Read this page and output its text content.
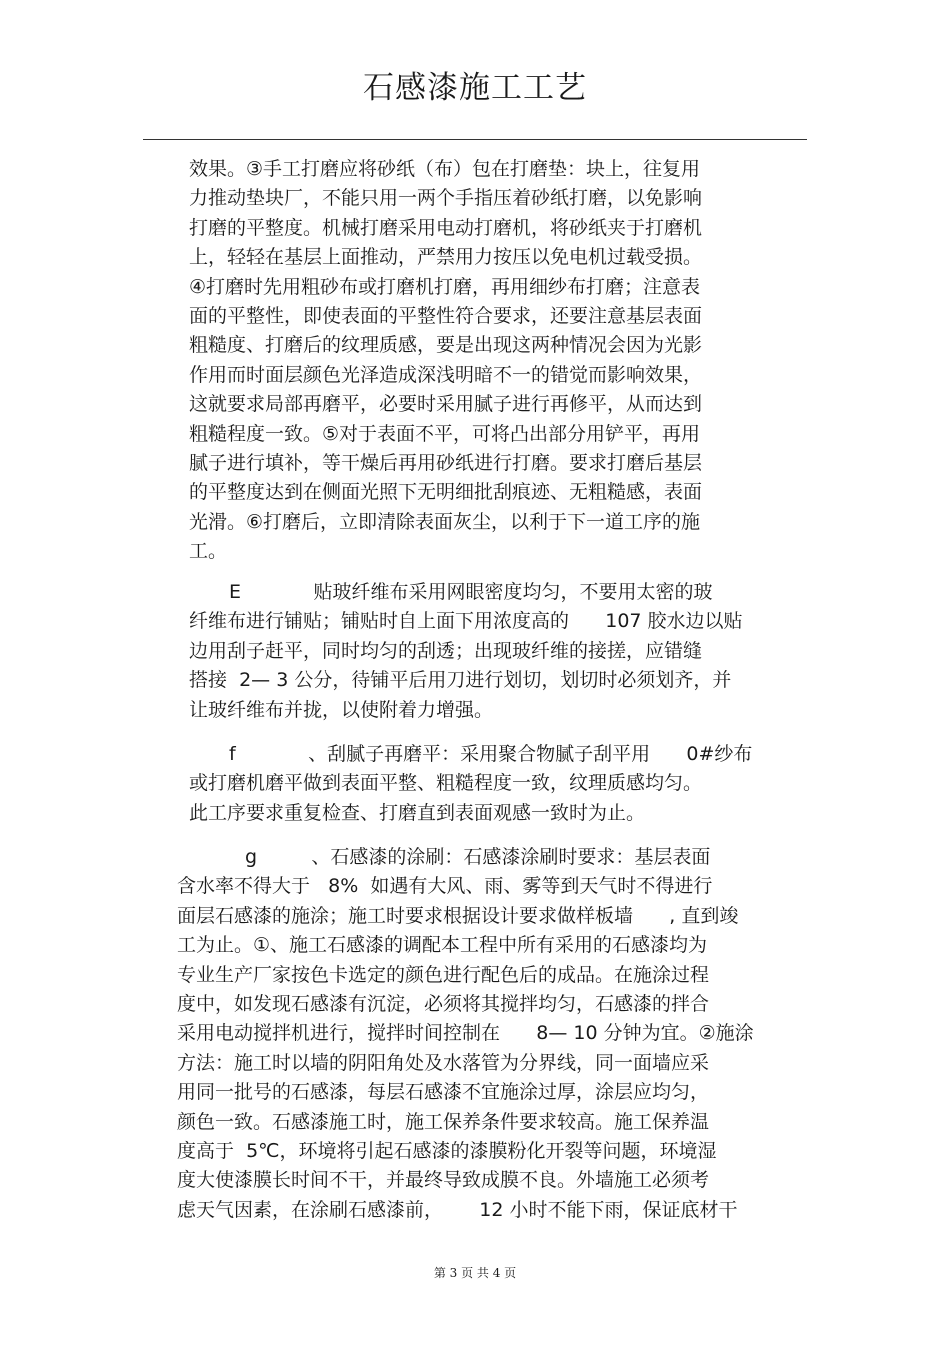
石感漆施工工艺
效果。③手工打磨应将砂纸（布）包在打磨垫：块上，往复用
力推动垫块厂，不能只用一两个手指压着砂纸打磨，以免影响
打磨的平整度。机械打磨采用电动打磨机，将砂纸夹于打磨机
上，轻轻在基层上面推动，严禁用力按压以免电机过载受损。
④打磨时先用粗砂布或打磨机打磨，再用细纱布打磨；注意表
面的平整性，即使表面的平整性符合要求，还要注意基层表面
粗糙度、打磨后的纹理质感，要是出现这两种情况会因为光影
作用而时面层颜色光泽造成深浅明暗不一的错觉而影响效果，
这就要求局部再磨平，必要时采用腻子进行再修平，从而达到
粗糙程度一致。⑤对于表面不平，可将凸出部分用铲平，再用
腻子进行填补，等干燥后再用砂纸进行打磨。要求打磨后基层
的平整度达到在侧面光照下无明细批刮痕迹、无粗糙感，表面
光滑。⑥打磨后，立即清除表面灰尘，以利于下一道工序的施
工。
E            贴玻纤维布采用网眼密度均匀，不要用太密的玻
纤维布进行铺贴；铺贴时自上面下用浓度高的      107 胶水边以贴
边用刮子赶平，同时均匀的刮透；出现玻纤维的接搓，应错缝
搭接  2— 3 公分，待铺平后用刀进行划切，划切时必须划齐，并
让玻纤维布并拢，以使附着力增强。
f            、刮腻子再磨平：采用聚合物腻子刮平用      0#纱布
或打磨机磨平做到表面平整、粗糙程度一致，纹理质感均匀。
此工序要求重复检查、打磨直到表面观感一致时为止。
g         、石感漆的涂刷：石感漆涂刷时要求：基层表面
含水率不得大于   8%  如遇有大风、雨、雾等到天气时不得进行
面层石感漆的施涂；施工时要求根据设计要求做样板墙      , 直到竣
工为止。①、施工石感漆的调配本工程中所有采用的石感漆均为
专业生产厂家按色卡选定的颜色进行配色后的成品。在施涂过程
度中，如发现石感漆有沉淀，必须将其搅拌均匀，石感漆的拌合
采用电动搅拌机进行，搅拌时间控制在      8— 10 分钟为宜。②施涂
方法：施工时以墙的阴阳角处及水落管为分界线，同一面墙应采
用同一批号的石感漆，每层石感漆不宜施涂过厚，涂层应均匀，
颜色一致。石感漆施工时，施工保养条件要求较高。施工保养温
度高于  5℃，环境将引起石感漆的漆膜粉化开裂等问题，环境湿
度大使漆膜长时间不干，并最终导致成膜不良。外墙施工必须考
虑天气因素，在涂刷石感漆前，      12 小时不能下雨，保证底材干
第 3 页 共 4 页
